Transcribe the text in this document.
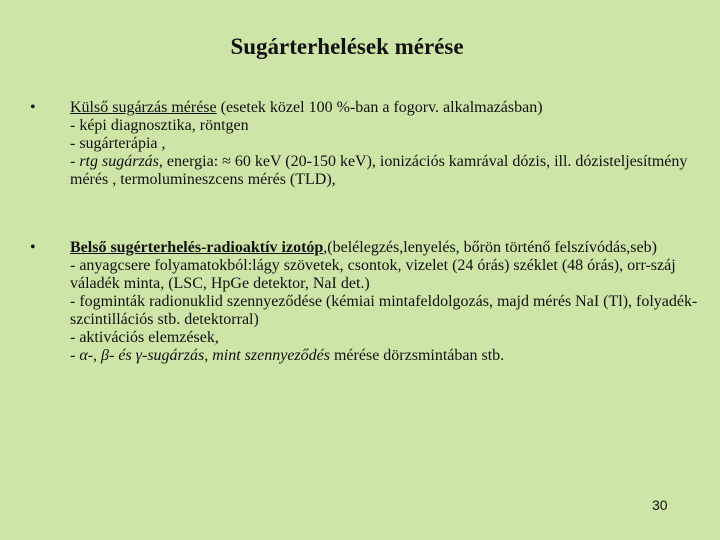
Sugárterhelések mérése
• Külső sugárzás mérése (esetek közel 100 %-ban a fogorv. alkalmazásban)
- képi diagnosztika, röntgen
- sugárterápia ,
- rtg sugárzás, energia: ≈ 60 keV (20-150 keV), ionizációs kamrával dózis, ill. dózisteljesítmény mérés , termolumineszcens mérés (TLD),
• Belső sugérterhelés-radioaktív izotóp,(belélegzés,lenyelés, bőrön történő felszívódás,seb)
- anyagcsere folyamatokból:lágy szövetek, csontok, vizelet (24 órás) széklet (48 órás), orr-száj váladék minta, (LSC, HpGe detektor, NaI det.)
- fogminták radionuklid szennyeződése (kémiai mintafeldolgozás, majd mérés NaI (Tl), folyadék-szcintillációs stb. detektorral)
- aktivációs elemzések,
- α-, β- és γ-sugárzás, mint szennyeződés mérése dörzsmintában stb.
30
